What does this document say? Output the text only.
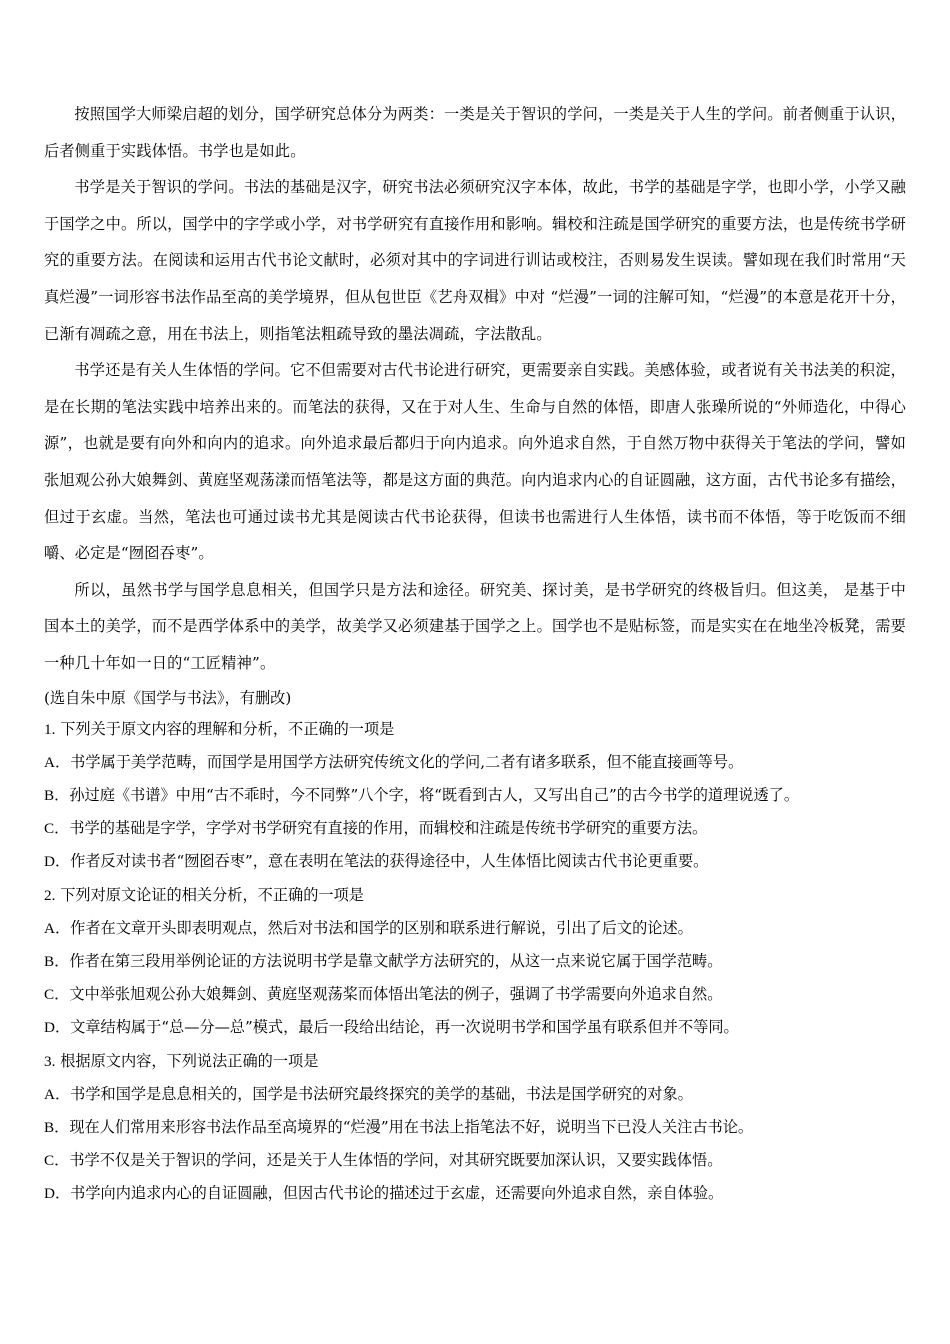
按照国学大师梁启超的划分，国学研究总体分为两类：一类是关于智识的学问，一类是关于人生的学问。前者侧重于认识，后者侧重于实践体悟。书学也是如此。

书学是关于智识的学问。书法的基础是汉字，研究书法必须研究汉字本体，故此，书学的基础是字学，也即小学，小学又融于国学之中。所以，国学中的字学或小学，对书学研究有直接作用和影响。辑校和注疏是国学研究的重要方法，也是传统书学研究的重要方法。在阅读和运用古代书论文献时，必须对其中的字词进行训诂或校注，否则易发生误读。譬如现在我们时常用“天真烂漫”一词形容书法作品至高的美学境界，但从包世臣《艺舟双楫》中对 “烂漫”一词的注解可知，“烂漫”的本意是花开十分，已渐有凋疏之意，用在书法上，则指笔法粗疏导致的墨法凋疏，字法散乱。

书学还是有关人生体悟的学问。它不但需要对古代书论进行研究，更需要亲自实践。美感体验，或者说有关书法美的积淀，是在长期的笔法实践中培养出来的。而笔法的获得，又在于对人生、生命与自然的体悟，即唐人张璪所说的“外师造化，中得心源”，也就是要有向外和向内的追求。向外追求最后都归于向内追求。向外追求自然，于自然万物中获得关于笔法的学问，譬如张旭观公孙大娘舞剑、黄庭坚观荡漾而悟笔法等，都是这方面的典范。向内追求内心的自证圆融，这方面，古代书论多有描绘，但过于玄虚。当然，笔法也可通过读书尤其是阅读古代书论获得，但读书也需进行人生体悟，读书而不体悟，等于吃饭而不细嚼、必定是“囫囵吞枣”。

所以，虽然书学与国学息息相关，但国学只是方法和途径。研究美、探讨美，是书学研究的终极旨归。但这美， 是基于中国本土的美学，而不是西学体系中的美学，故美学又必须建基于国学之上。国学也不是贴标签，而是实实在在地坐冷板凳，需要一种几十年如一日的“工匠精神”。

(选自朱中原《国学与书法》，有删改)

1. 下列关于原文内容的理解和分析，不正确的一项是

A．书学属于美学范畴，而国学是用国学方法研究传统文化的学问,二者有诸多联系，但不能直接画等号。

B．孙过庭《书谱》中用“古不乖时，今不同弊”八个字，将“既看到古人，又写出自己”的古今书学的道理说透了。

C．书学的基础是字学，字学对书学研究有直接的作用，而辑校和注疏是传统书学研究的重要方法。

D．作者反对读书者“囫囵吞枣”，意在表明在笔法的获得途径中，人生体悟比阅读古代书论更重要。

2. 下列对原文论证的相关分析，不正确的一项是

A．作者在文章开头即表明观点，然后对书法和国学的区别和联系进行解说，引出了后文的论述。

B．作者在第三段用举例论证的方法说明书学是靠文献学方法研究的，从这一点来说它属于国学范畴。

C．文中举张旭观公孙大娘舞剑、黄庭坚观荡桨而体悟出笔法的例子，强调了书学需要向外追求自然。

D．文章结构属于“总—分—总”模式，最后一段给出结论，再一次说明书学和国学虽有联系但并不等同。

3. 根据原文内容，下列说法正确的一项是

A．书学和国学是息息相关的，国学是书法研究最终探究的美学的基础，书法是国学研究的对象。

B．现在人们常用来形容书法作品至高境界的“烂漫”用在书法上指笔法不好，说明当下已没人关注古书论。

C．书学不仅是关于智识的学问，还是关于人生体悟的学问，对其研究既要加深认识，又要实践体悟。

D．书学向内追求内心的自证圆融，但因古代书论的描述过于玄虚，还需要向外追求自然，亲自体验。
